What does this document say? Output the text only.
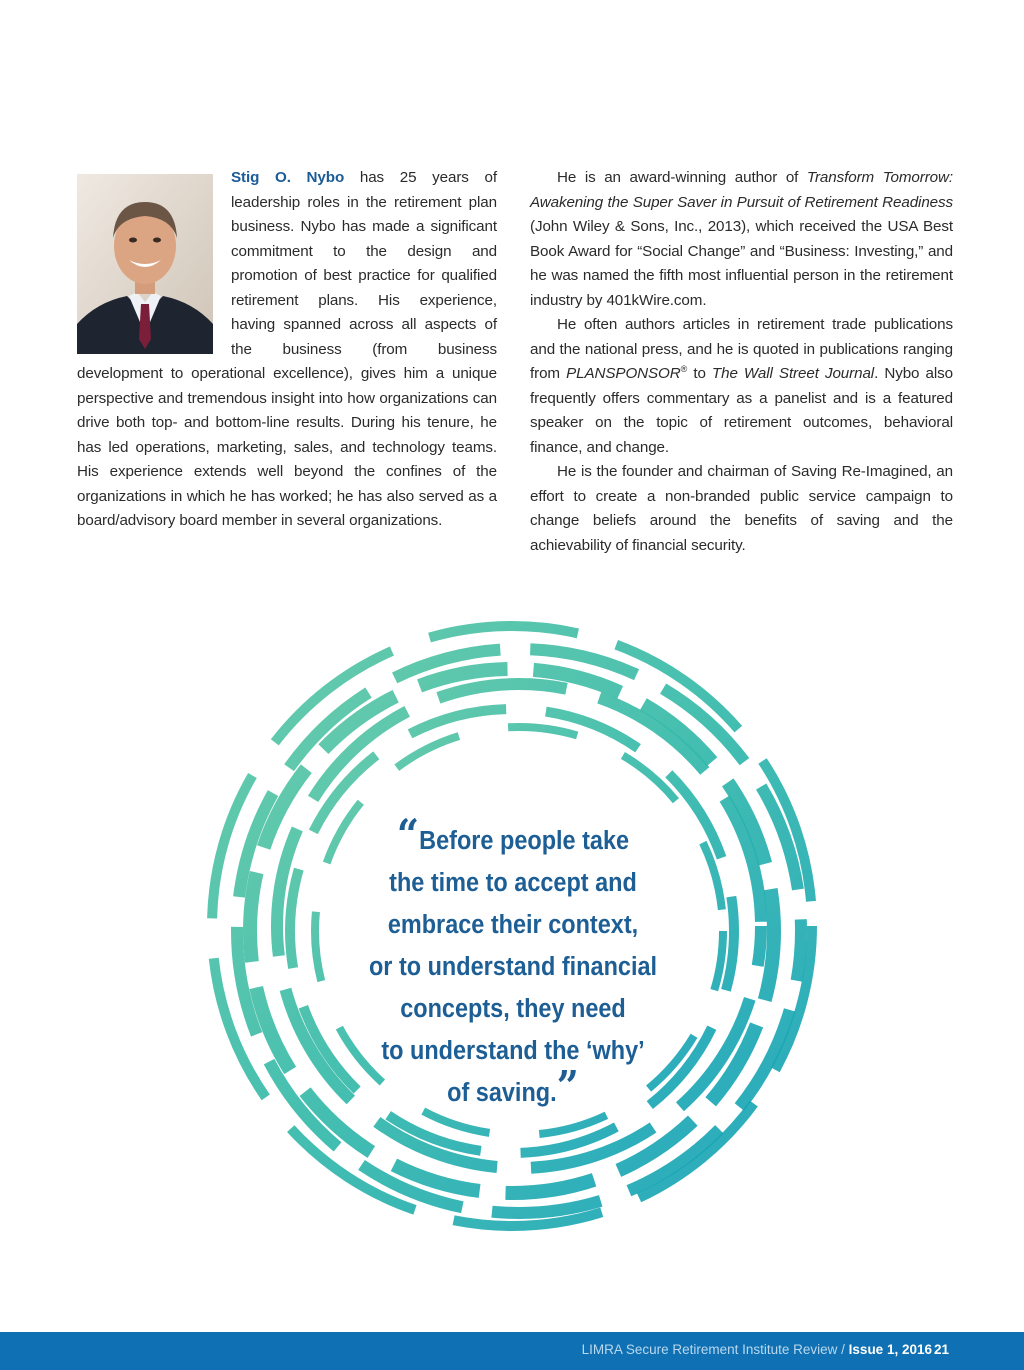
Stig O. Nybo has 25 years of leadership roles in the retirement plan business. Nybo has made a significant commitment to the design and promotion of best practice for qualified retirement plans. His experience, having spanned across all aspects of the business (from business development to operational excellence), gives him a unique perspective and tremendous insight into how organizations can drive both top- and bottom-line results. During his tenure, he has led operations, marketing, sales, and technology teams. His experience extends well beyond the confines of the organizations in which he has worked; he has also served as a board/advisory board member in several organizations.

He is an award-winning author of Transform Tomorrow: Awakening the Super Saver in Pursuit of Retirement Readiness (John Wiley & Sons, Inc., 2013), which received the USA Best Book Award for “Social Change” and “Business: Investing,” and he was named the fifth most influential person in the retirement industry by 401kWire.com.

He often authors articles in retirement trade publications and the national press, and he is quoted in publications ranging from PLANSPONSOR® to The Wall Street Journal. Nybo also frequently offers commentary as a panelist and is a featured speaker on the topic of retirement outcomes, behavioral finance, and change.

He is the founder and chairman of Saving Re-Imagined, an effort to create a non-branded public service campaign to change beliefs around the benefits of saving and the achievability of financial security.

“Before people take
the time to accept and
embrace their context,
or to understand financial
concepts, they need
to understand the ‘why’
of saving.”
LIMRA Secure Retirement Institute Review / Issue 1, 2016 21
